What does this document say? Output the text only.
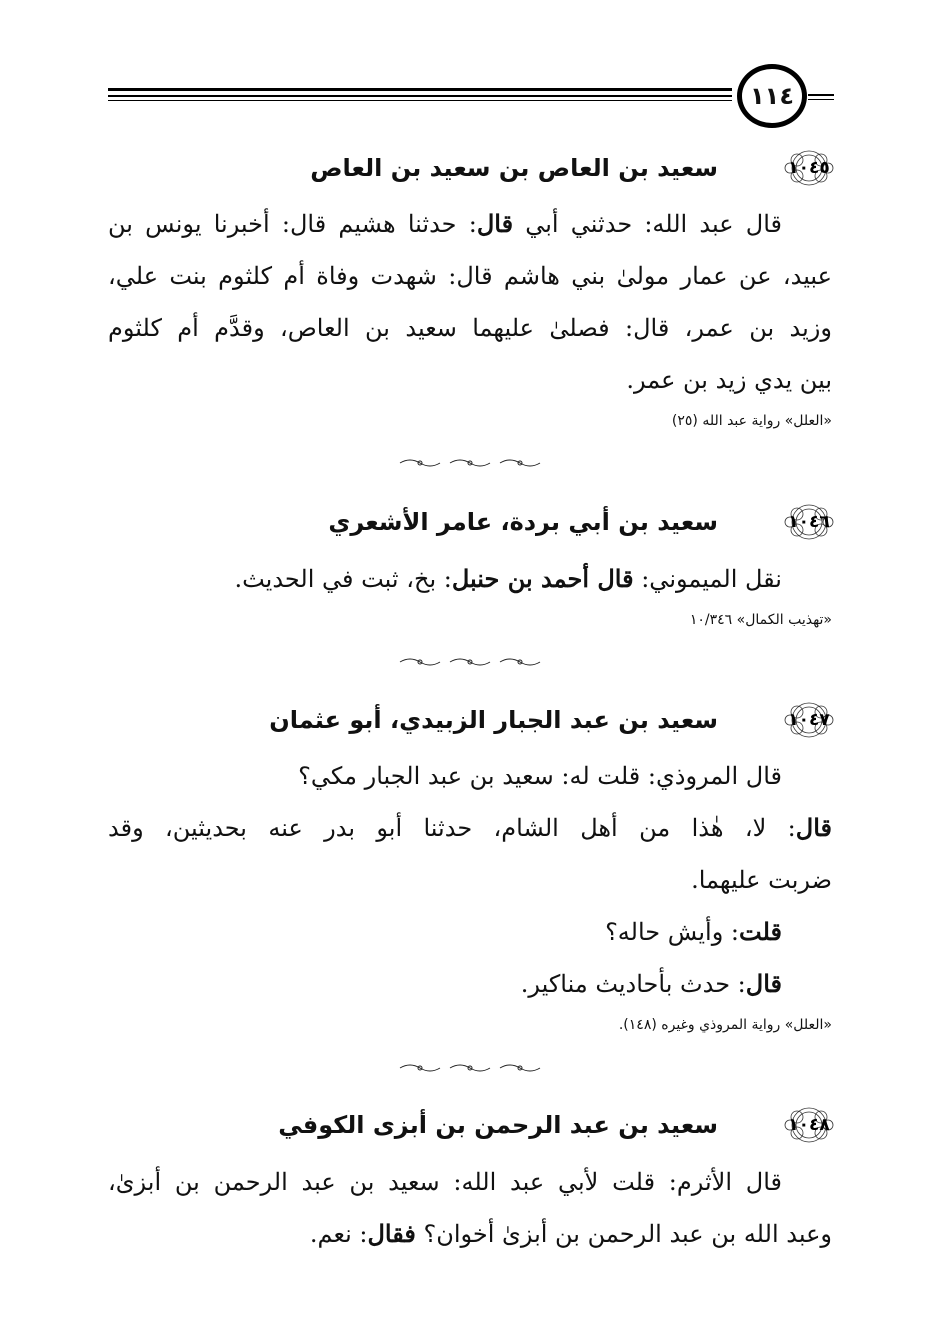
١١٤
١٠٤٥
سعيد بن العاص بن سعيد بن العاص
قال عبد الله: حدثني أبي قال: حدثنا هشيم قال: أخبرنا يونس بن
عبيد، عن عمار مولىٰ بني هاشم قال: شهدت وفاة أم كلثوم بنت علي،
وزيد بن عمر، قال: فصلىٰ عليهما سعيد بن العاص، وقدَّم أم كلثوم
بين يدي زيد بن عمر.
«العلل» رواية عبد الله (٢٥)
١٠٤٦
سعيد بن أبي بردة، عامر الأشعري
نقل الميموني: قال أحمد بن حنبل: بخ، ثبت في الحديث.
«تهذيب الكمال» ١٠/٣٤٦
١٠٤٧
سعيد بن عبد الجبار الزبيدي، أبو عثمان
قال المروذي: قلت له: سعيد بن عبد الجبار مكي؟
قال: لا، هٰذا من أهل الشام، حدثنا أبو بدر عنه بحديثين، وقد
ضربت عليهما.
قلت: وأيش حاله؟
قال: حدث بأحاديث مناكير.
«العلل» رواية المروذي وغيره (١٤٨).
١٠٤٨
سعيد بن عبد الرحمن بن أبزى الكوفي
قال الأثرم: قلت لأبي عبد الله: سعيد بن عبد الرحمن بن أبزىٰ،
وعبد الله بن عبد الرحمن بن أبزىٰ أخوان؟ فقال: نعم.
